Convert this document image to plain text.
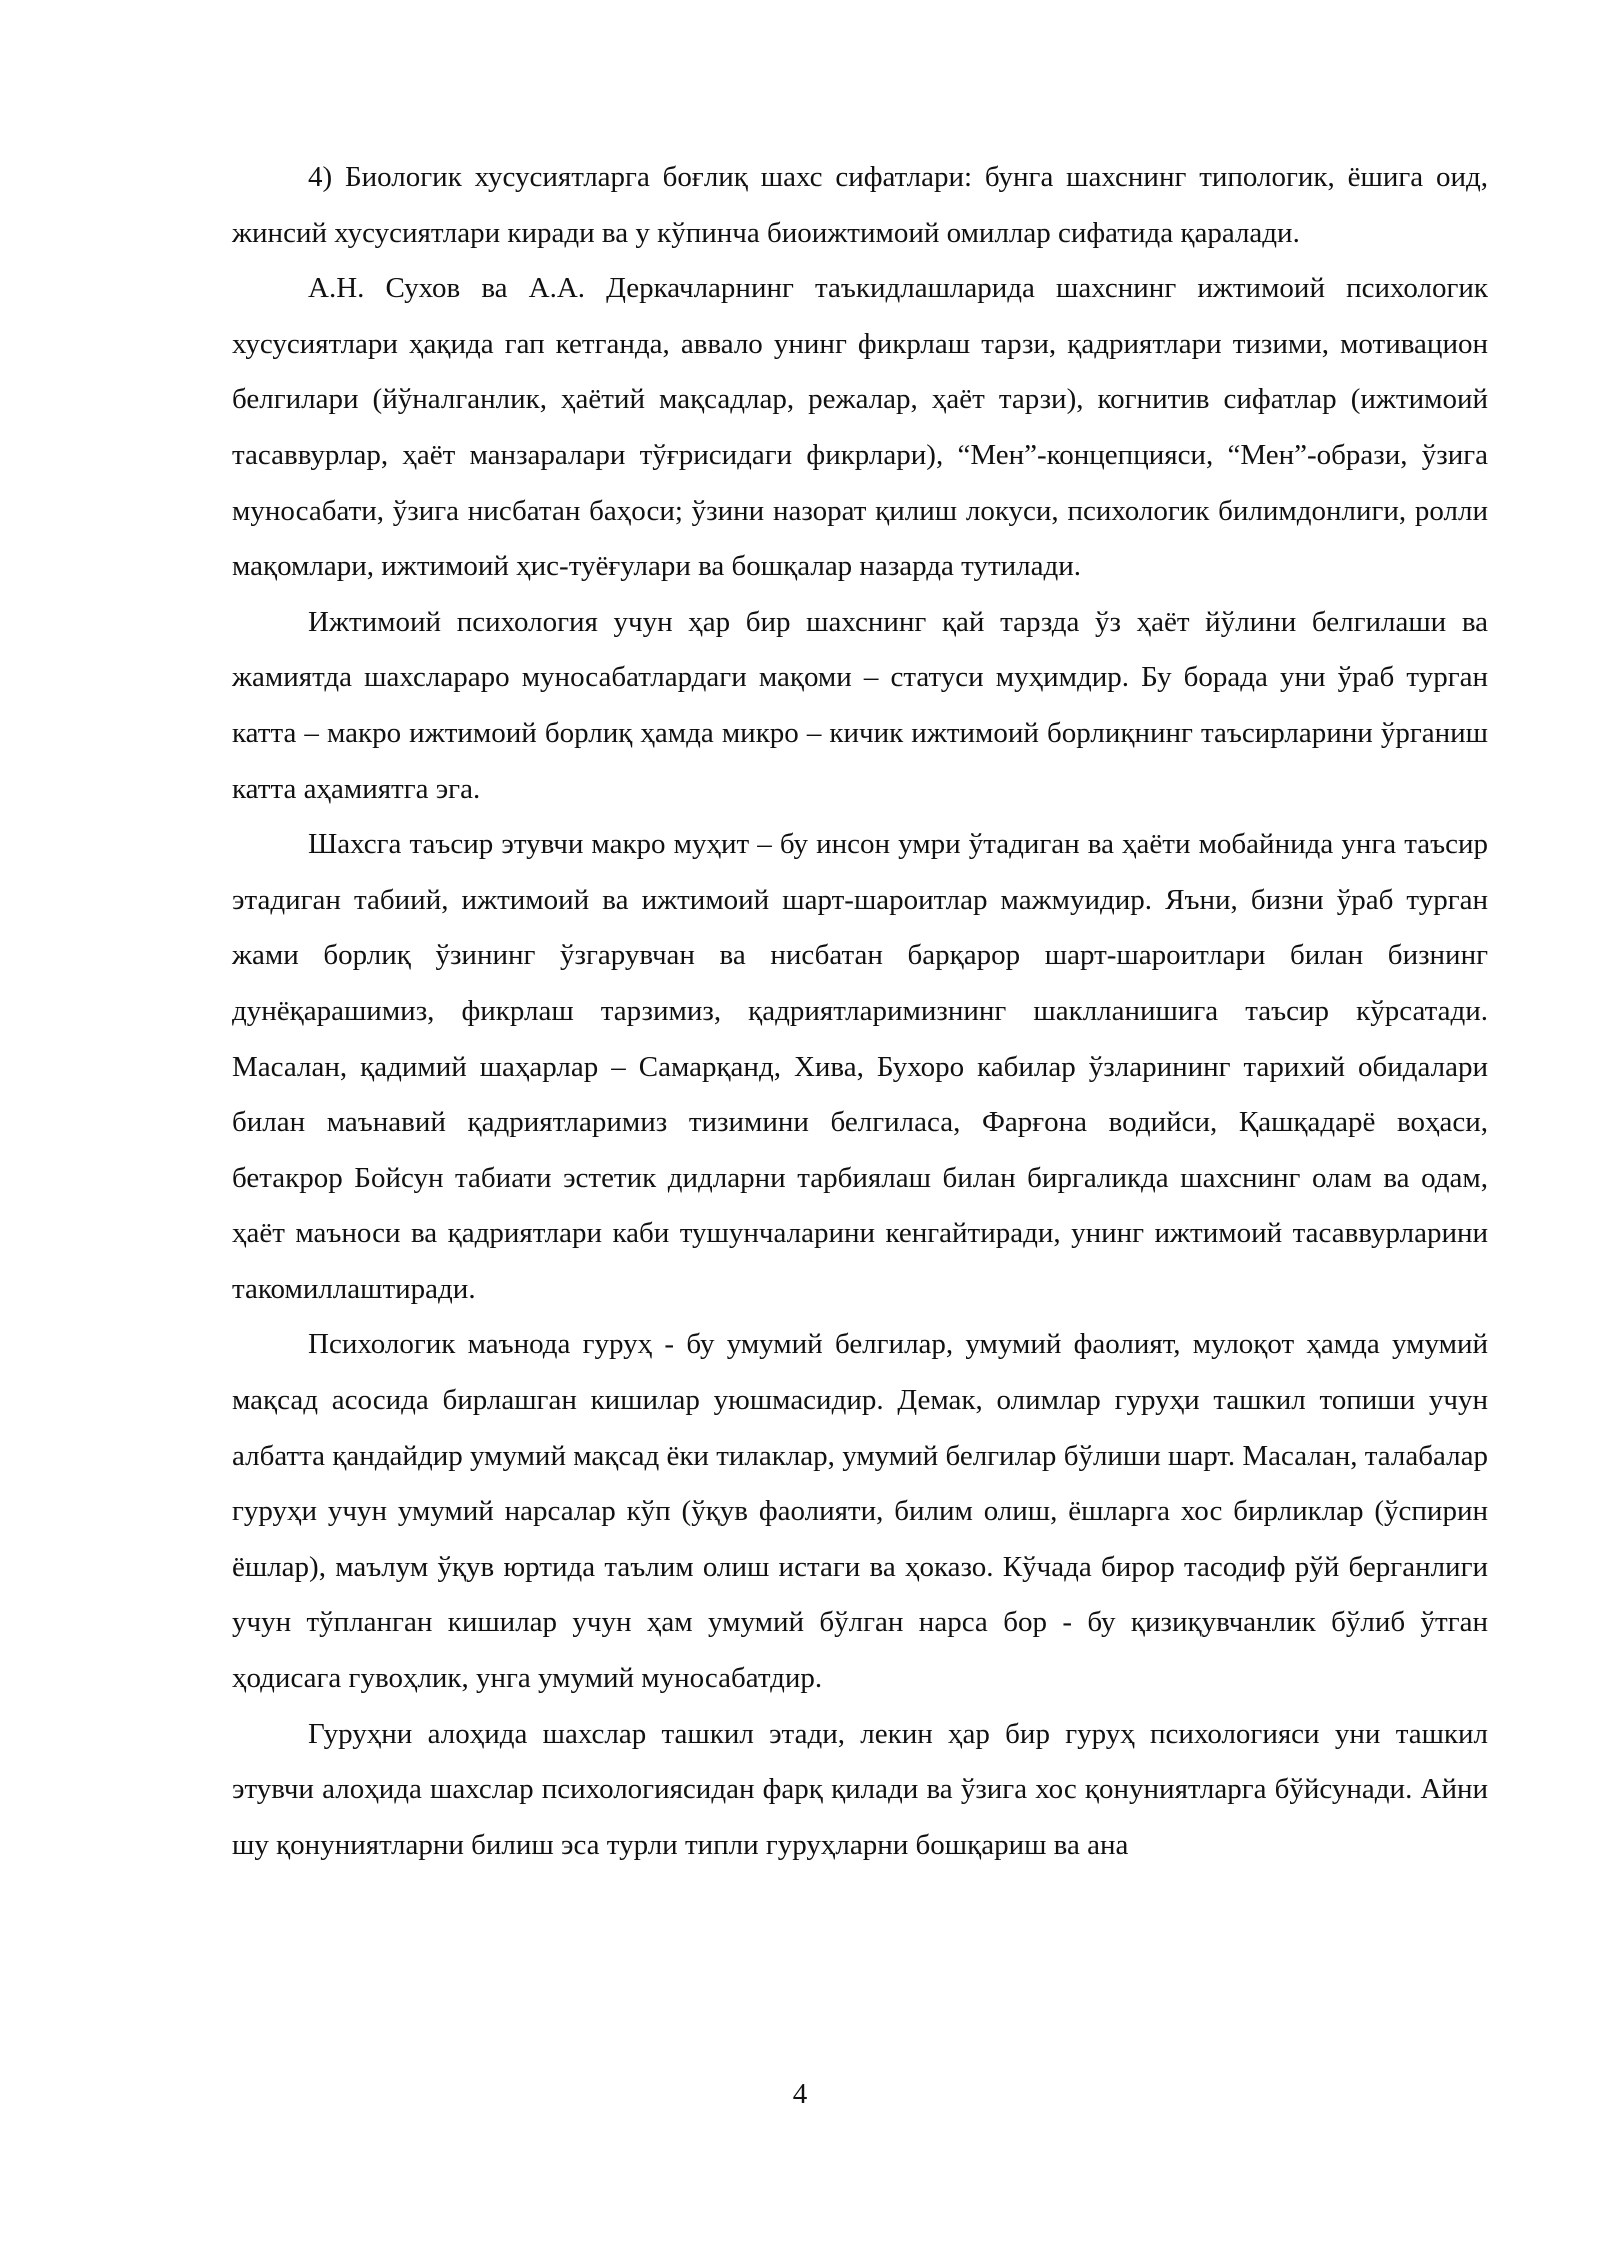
4) Биологик хусусиятларга боғлиқ шахс сифатлари: бунга шахснинг типологик, ёшига оид, жинсий хусусиятлари киради ва у кўпинча биоижтимоий омиллар сифатида қаралади.

А.Н. Сухов ва А.А. Деркачларнинг таъкидлашларида шахснинг ижтимоий психологик хусусиятлари ҳақида гап кетганда, аввало унинг фикрлаш тарзи, қадриятлари тизими, мотивацион белгилари (йўналганлик, ҳаётий мақсадлар, режалар, ҳаёт тарзи), когнитив сифатлар (ижтимоий тасаввурлар, ҳаёт манзаралари тўғрисидаги фикрлари), “Мен”-концепцияси, “Мен”-образи, ўзига муносабати, ўзига нисбатан баҳоси; ўзини назорат қилиш локуси, психологик билимдонлиги, ролли мақомлари, ижтимоий ҳис-туёғулари ва бошқалар назарда тутилади.

Ижтимоий психология учун ҳар бир шахснинг қай тарзда ўз ҳаёт йўлини белгилаши ва жамиятда шахслараро муносабатлардаги мақоми – статуси муҳимдир. Бу борада уни ўраб турган катта – макро ижтимоий борлиқ ҳамда микро – кичик ижтимоий борлиқнинг таъсирларини ўрганиш катта аҳамиятга эга.

Шахсга таъсир этувчи макро муҳит – бу инсон умри ўтадиган ва ҳаёти мобайнида унга таъсир этадиган табиий, ижтимоий ва ижтимоий шарт-шароитлар мажмуидир. Яъни, бизни ўраб турган жами борлиқ ўзининг ўзгарувчан ва нисбатан барқарор шарт-шароитлари билан бизнинг дунёқарашимиз, фикрлаш тарзимиз, қадриятларимизнинг шаклланишига таъсир кўрсатади. Масалан, қадимий шаҳарлар – Самарқанд, Хива, Бухоро кабилар ўзларининг тарихий обидалари билан маънавий қадриятларимиз тизимини белгиласа, Фарғона водийси, Қашқадарё воҳаси, бетакрор Бойсун табиати эстетик дидларни тарбиялаш билан биргаликда шахснинг олам ва одам, ҳаёт маъноси ва қадриятлари каби тушунчаларини кенгайтиради, унинг ижтимоий тасаввурларини такомиллаштиради.

Психологик маънода гуруҳ - бу умумий белгилар, умумий фаолият, мулоқот ҳамда умумий мақсад асосида бирлашган кишилар уюшмасидир. Демак, олимлар гуруҳи ташкил топиши учун албатта қандайдир умумий мақсад ёки тилаклар, умумий белгилар бўлиши шарт. Масалан, талабалар гуруҳи учун умумий нарсалар кўп (ўқув фаолияти, билим олиш, ёшларга хос бирликлар (ўспирин ёшлар), маълум ўқув юртида таълим олиш истаги ва ҳоказо. Кўчада бирор тасодиф рўй берганлиги учун тўпланган кишилар учун ҳам умумий бўлган нарса бор - бу қизиқувчанлик бўлиб ўтган ҳодисага гувоҳлик, унга умумий муносабатдир.

Гуруҳни алоҳида шахслар ташкил этади, лекин ҳар бир гуруҳ психологияси уни ташкил этувчи алоҳида шахслар психологиясидан фарқ қилади ва ўзига хос қонуниятларга бўйсунади. Айни шу қонуниятларни билиш эса турли типли гуруҳларни бошқариш ва ана

4
